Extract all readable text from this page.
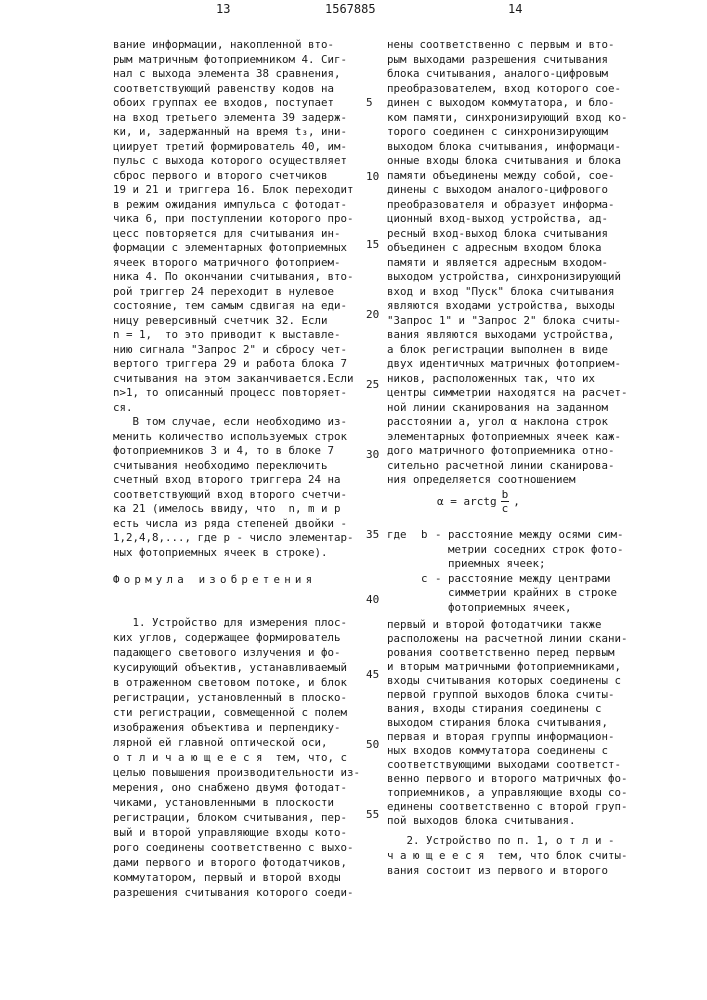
13	1567885	14
5
10
15
20
25
30
35
40
45
50
55
вание информации, накопленной вто-
рым матричным фотоприемником 4. Сиг-
нал с выхода элемента 38 сравнения,
соответствующий равенству кодов на
обоих группах ее входов, поступает
на вход третьего элемента 39 задерж-
ки, и, задержанный на время t₃, ини-
циирует третий формирователь 40, им-
пульс с выхода которого осуществляет
сброс первого и второго счетчиков
19 и 21 и триггера 16. Блок переходит
в режим ожидания импульса с фотодат-
чика 6, при поступлении которого про-
цесс повторяется для считывания ин-
формации с элементарных фотоприемных
ячеек второго матричного фотоприем-
ника 4. По окончании считывания, вто-
рой триггер 24 переходит в нулевое
состояние, тем самым сдвигая на еди-
ницу реверсивный счетчик 32. Если
n = 1,  то это приводит к выставле-
нию сигнала "Запрос 2" и сбросу чет-
вертого триггера 29 и работа блока 7
считывания на этом заканчивается.Если
n>1, то описанный процесс повторяет-
ся.
В том случае, если необходимо из-
менить количество используемых строк
фотоприемников 3 и 4, то в блоке 7
считывания необходимо переключить
счетный вход второго триггера 24 на
соответствующий вход второго счетчи-
ка 21 (имелось ввиду, что  n, m и p
есть числа из ряда степеней двойки -
1,2,4,8,..., где p - число элементар-
ных фотоприемных ячеек в строке).
Формула изобретения
1. Устройство для измерения плос-
ких углов, содержащее формирователь
падающего светового излучения и фо-
кусирующий объектив, устанавливаемый
в отраженном световом потоке, и блок
регистрации, установленный в плоско-
сти регистрации, совмещенной с полем
изображения объектива и перпендику-
лярной ей главной оптической оси,
о т л и ч а ю щ е е с я  тем, что, с
целью повышения производительности из-
мерения, оно снабжено двумя фотодат-
чиками, установленными в плоскости
регистрации, блоком считывания, пер-
вый и второй управляющие входы кото-
рого соединены соответственно с выхо-
дами первого и второго фотодатчиков,
коммутатором, первый и второй входы
разрешения считывания которого соеди-
нены соответственно с первым и вто-
рым выходами разрешения считывания
блока считывания, аналого-цифровым
преобразователем, вход которого сое-
динен с выходом коммутатора, и бло-
ком памяти, синхронизирующий вход ко-
торого соединен с синхронизирующим
выходом блока считывания, информаци-
онные входы блока считывания и блока
памяти объединены между собой, сое-
динены с выходом аналого-цифрового
преобразователя и образует информа-
ционный вход-выход устройства, ад-
ресный вход-выход блока считывания
объединен с адресным входом блока
памяти и является адресным входом-
выходом устройства, синхронизирующий
вход и вход "Пуск" блока считывания
являются входами устройства, выходы
"Запрос 1" и "Запрос 2" блока считы-
вания являются выходами устройства,
а блок регистрации выполнен в виде
двух идентичных матричных фотоприем-
ников, расположенных так, что их
центры симметрии находятся на расчет-
ной линии сканирования на заданном
расстоянии a, угол α наклона строк
элементарных фотоприемных ячеек каж-
дого матричного фотоприемника отно-
сительно расчетной линии сканирова-
ния определяется соотношением
α = arctg
b
c
,
где	b - расстояние между осями сим-
метрии соседних строк фото-
приемных ячеек;
c - расстояние между центрами
симметрии крайних в строке
фотоприемных ячеек,
первый и второй фотодатчики также
расположены на расчетной линии скани-
рования соответственно перед первым
и вторым матричными фотоприемниками,
входы считывания которых соединены с
первой группой выходов блока считы-
вания, входы стирания соединены с
выходом стирания блока считывания,
первая и вторая группы информацион-
ных входов коммутатора соединены с
соответствующими выходами соответст-
венно первого и второго матричных фо-
топриемников, а управляющие входы со-
единены соответственно с второй груп-
пой выходов блока считывания.
2. Устройство по п. 1, о т л и -
ч а ю щ е е с я  тем, что блок считы-
вания состоит из первого и второго
